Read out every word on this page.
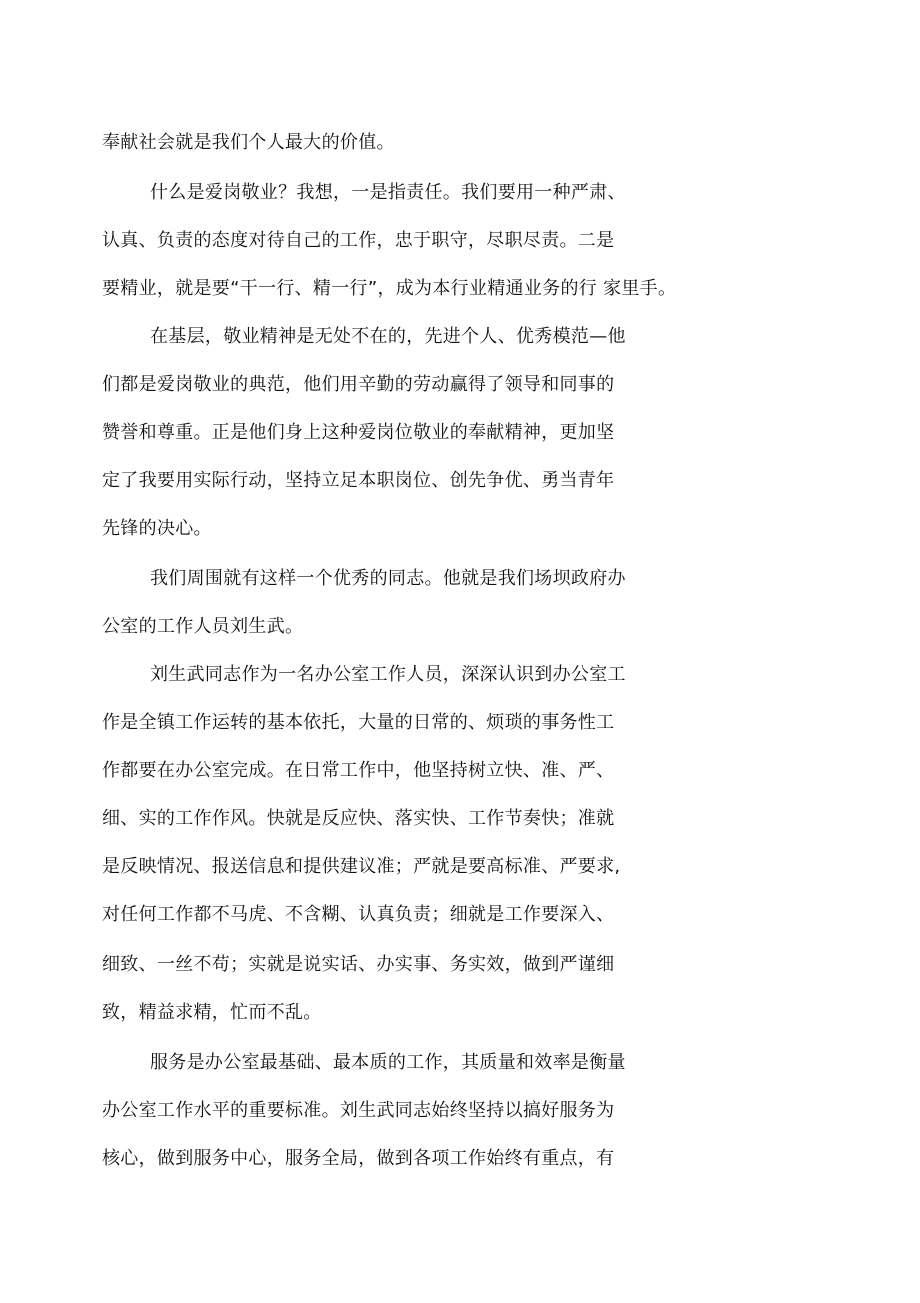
奉献社会就是我们个人最大的价值。
什么是爱岗敬业？我想，一是指责任。我们要用一种严肃、
认真、负责的态度对待自己的工作，忠于职守，尽职尽责。二是
要精业，就是要“干一行、精一行”，成为本行业精通业务的行 家里手。
在基层，敬业精神是无处不在的，先进个人、优秀模范—他
们都是爱岗敬业的典范，他们用辛勤的劳动赢得了领导和同事的
赞誉和尊重。正是他们身上这种爱岗位敬业的奉献精神，更加坚
定了我要用实际行动，坚持立足本职岗位、创先争优、勇当青年
先锋的决心。
我们周围就有这样一个优秀的同志。他就是我们场坝政府办
公室的工作人员刘生武。
刘生武同志作为一名办公室工作人员，深深认识到办公室工
作是全镇工作运转的基本依托，大量的日常的、烦琐的事务性工
作都要在办公室完成。在日常工作中，他坚持树立快、准、严、
细、实的工作作风。快就是反应快、落实快、工作节奏快；准就
是反映情况、报送信息和提供建议准；严就是要高标准、严要求,
对任何工作都不马虎、不含糊、认真负责；细就是工作要深入、
细致、一丝不苟；实就是说实话、办实事、务实效，做到严谨细
致，精益求精，忙而不乱。
服务是办公室最基础、最本质的工作，其质量和效率是衡量
办公室工作水平的重要标准。刘生武同志始终坚持以搞好服务为
核心，做到服务中心，服务全局，做到各项工作始终有重点，有
